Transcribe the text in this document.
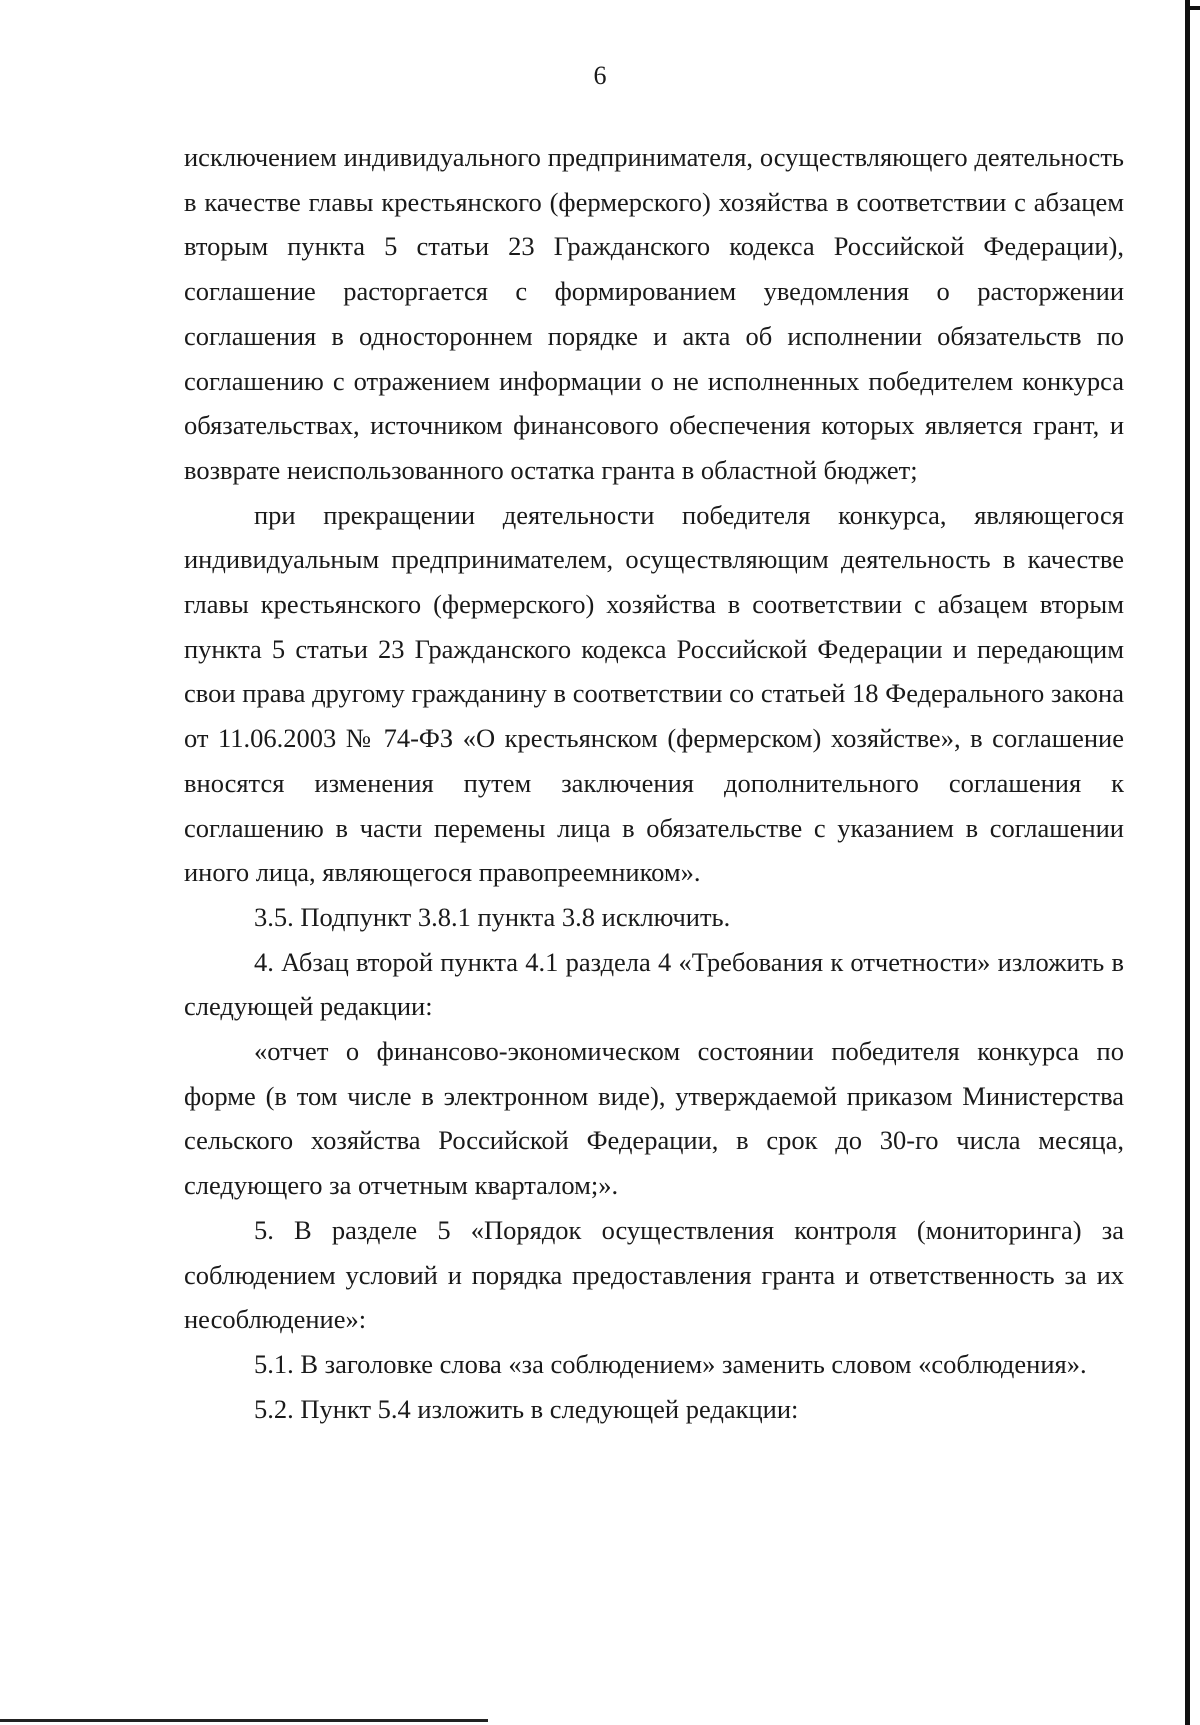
6

исключением индивидуального предпринимателя, осуществляющего деятельность в качестве главы крестьянского (фермерского) хозяйства в соответствии с абзацем вторым пункта 5 статьи 23 Гражданского кодекса Российской Федерации), соглашение расторгается с формированием уведомления о расторжении соглашения в одностороннем порядке и акта об исполнении обязательств по соглашению с отражением информации о не исполненных победителем конкурса обязательствах, источником финансового обеспечения которых является грант, и возврате неиспользованного остатка гранта в областной бюджет;

при прекращении деятельности победителя конкурса, являющегося индивидуальным предпринимателем, осуществляющим деятельность в качестве главы крестьянского (фермерского) хозяйства в соответствии с абзацем вторым пункта 5 статьи 23 Гражданского кодекса Российской Федерации и передающим свои права другому гражданину в соответствии со статьей 18 Федерального закона от 11.06.2003 № 74-ФЗ «О крестьянском (фермерском) хозяйстве», в соглашение вносятся изменения путем заключения дополнительного соглашения к соглашению в части перемены лица в обязательстве с указанием в соглашении иного лица, являющегося правопреемником».

3.5. Подпункт 3.8.1 пункта 3.8 исключить.

4. Абзац второй пункта 4.1 раздела 4 «Требования к отчетности» изложить в следующей редакции:

«отчет о финансово-экономическом состоянии победителя конкурса по форме (в том числе в электронном виде), утверждаемой приказом Министерства сельского хозяйства Российской Федерации, в срок до 30-го числа месяца, следующего за отчетным кварталом;».

5. В разделе 5 «Порядок осуществления контроля (мониторинга) за соблюдением условий и порядка предоставления гранта и ответственность за их несоблюдение»:

5.1. В заголовке слова «за соблюдением» заменить словом «соблюдения».

5.2. Пункт 5.4 изложить в следующей редакции:
